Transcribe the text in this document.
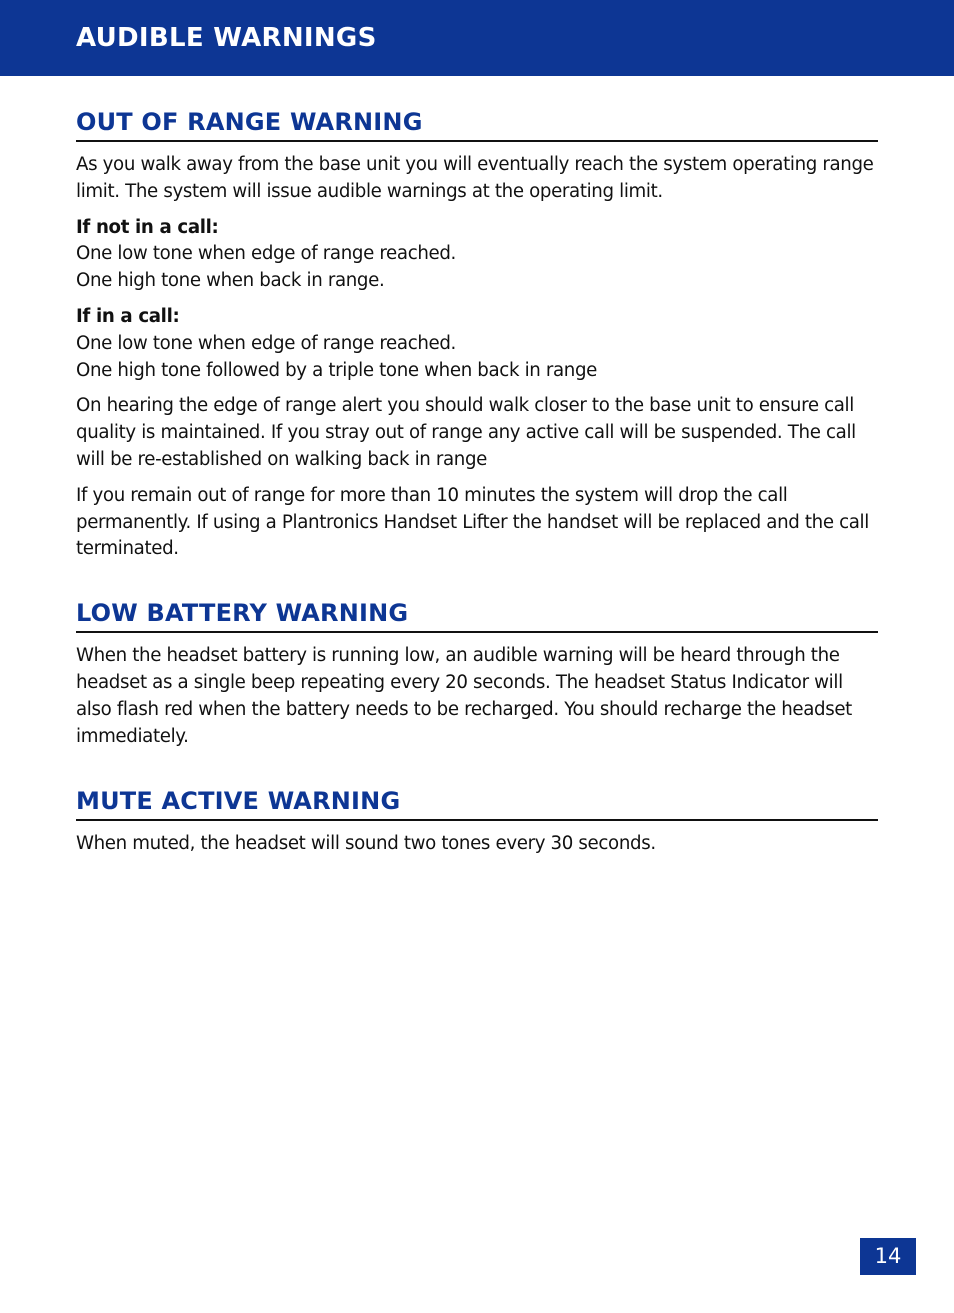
AUDIBLE WARNINGS
OUT OF RANGE WARNING

As you walk away from the base unit you will eventually reach the system operating range limit. The system will issue audible warnings at the operating limit.

If not in a call:
One low tone when edge of range reached.
One high tone when back in range.
If in a call:
One low tone when edge of range reached.
One high tone followed by a triple tone when back in range

On hearing the edge of range alert you should walk closer to the base unit to ensure call quality is maintained. If you stray out of range any active call will be suspended. The call will be re-established on walking back in range

If you remain out of range for more than 10 minutes the system will drop the call permanently. If using a Plantronics Handset Lifter the handset will be replaced and the call terminated.

LOW BATTERY WARNING

When the headset battery is running low, an audible warning will be heard through the headset as a single beep repeating every 20 seconds. The headset Status Indicator will also flash red when the battery needs to be recharged. You should recharge the headset immediately.

MUTE ACTIVE WARNING

When muted, the headset will sound two tones every 30 seconds.

14
